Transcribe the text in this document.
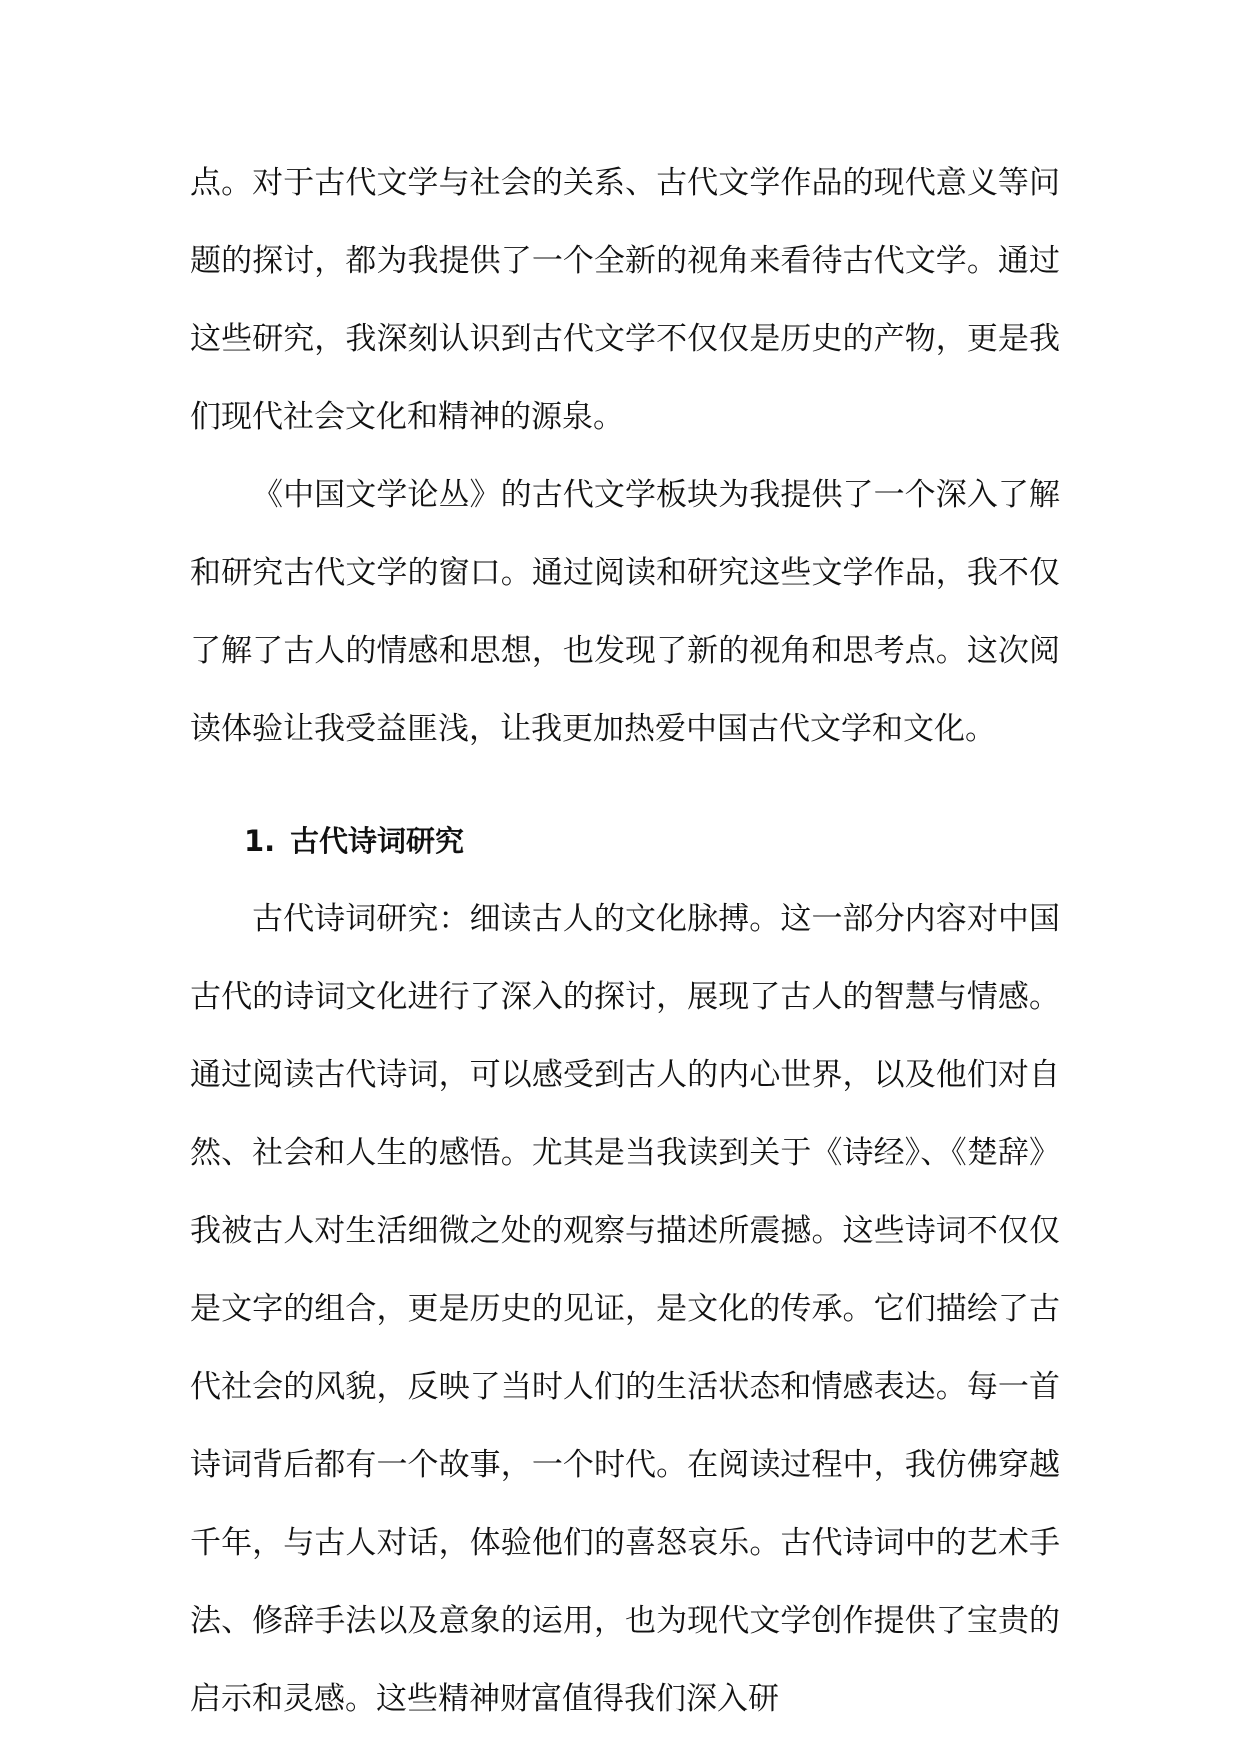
点。对于古代文学与社会的关系、古代文学作品的现代意义等问题的探讨，都为我提供了一个全新的视角来看待古代文学。通过这些研究，我深刻认识到古代文学不仅仅是历史的产物，更是我们现代社会文化和精神的源泉。

《中国文学论丛》的古代文学板块为我提供了一个深入了解和研究古代文学的窗口。通过阅读和研究这些文学作品，我不仅了解了古人的情感和思想，也发现了新的视角和思考点。这次阅读体验让我受益匪浅，让我更加热爱中国古代文学和文化。

1. 古代诗词研究

古代诗词研究：细读古人的文化脉搏。这一部分内容对中国古代的诗词文化进行了深入的探讨，展现了古人的智慧与情感。通过阅读古代诗词，可以感受到古人的内心世界，以及他们对自然、社会和人生的感悟。尤其是当我读到关于《诗经》、《楚辞》我被古人对生活细微之处的观察与描述所震撼。这些诗词不仅仅是文字的组合，更是历史的见证，是文化的传承。它们描绘了古代社会的风貌，反映了当时人们的生活状态和情感表达。每一首诗词背后都有一个故事，一个时代。在阅读过程中，我仿佛穿越千年，与古人对话，体验他们的喜怒哀乐。古代诗词中的艺术手法、修辞手法以及意象的运用，也为现代文学创作提供了宝贵的启示和灵感。这些精神财富值得我们深入研
